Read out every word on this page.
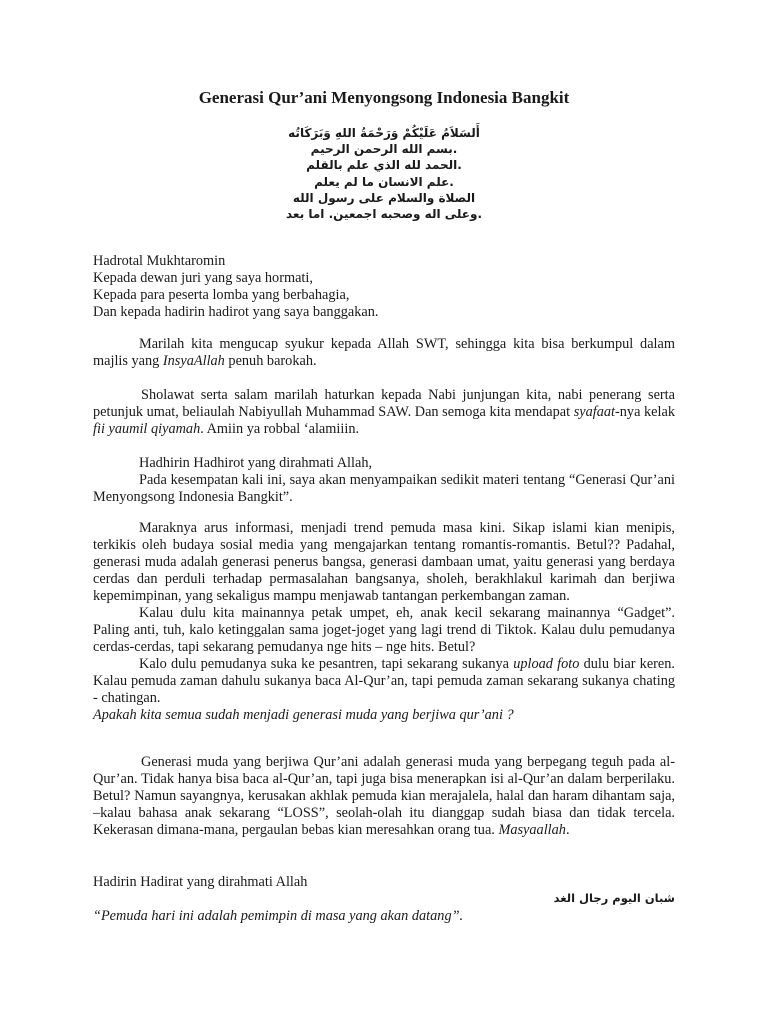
Generasi Qur’ani Menyongsong Indonesia Bangkit
أَلسَلاَمُ عَلَيْكُمْ وَرَحْمَةُ اللهِ وَبَرَكَاتُه
.بسم الله الرحمن الرحيم
.الحمد لله الذي علم بالقلم
.علم الانسان ما لم يعلم
الصلاة والسلام على رسول الله
.وعلى اله وصحبه اجمعين. اما بعد

Hadrotal Mukhtaromin

Kepada dewan juri yang saya hormati,

Kepada para peserta lomba yang berbahagia,

Dan kepada hadirin hadirot yang saya banggakan.

Marilah kita mengucap syukur kepada Allah SWT, sehingga kita bisa berkumpul dalam majlis yang InsyaAllah penuh barokah.

Sholawat serta salam marilah haturkan kepada Nabi junjungan kita, nabi penerang serta petunjuk umat, beliaulah Nabiyullah Muhammad SAW. Dan semoga kita mendapat syafaat-nya kelak fii yaumil qiyamah. Amiin ya robbal ‘alamiiin.

Hadhirin Hadhirot yang dirahmati Allah,

Pada kesempatan kali ini, saya akan menyampaikan sedikit materi tentang “Generasi Qur’ani Menyongsong Indonesia Bangkit”.

Maraknya arus informasi, menjadi trend pemuda masa kini. Sikap islami kian menipis, terkikis oleh budaya sosial media yang mengajarkan tentang romantis-romantis. Betul?? Padahal, generasi muda adalah generasi penerus bangsa, generasi dambaan umat, yaitu generasi yang berdaya cerdas dan perduli terhadap permasalahan bangsanya, sholeh, berakhlakul karimah dan berjiwa kepemimpinan, yang sekaligus mampu menjawab tantangan perkembangan zaman.

Kalau dulu kita mainannya petak umpet, eh, anak kecil sekarang mainannya “Gadget”. Paling anti, tuh, kalo ketinggalan sama joget-joget yang lagi trend di Tiktok. Kalau dulu pemudanya cerdas-cerdas, tapi sekarang pemudanya nge hits – nge hits. Betul?

Kalo dulu pemudanya suka ke pesantren, tapi sekarang sukanya upload foto dulu biar keren. Kalau pemuda zaman dahulu sukanya baca Al-Qur’an, tapi pemuda zaman sekarang sukanya chating - chatingan.

Apakah kita semua sudah menjadi generasi muda yang berjiwa qur’ani ?

Generasi muda yang berjiwa Qur’ani adalah generasi muda yang berpegang teguh pada al-Qur’an. Tidak hanya bisa baca al-Qur’an, tapi juga bisa menerapkan isi al-Qur’an dalam berperilaku. Betul? Namun sayangnya, kerusakan akhlak pemuda kian merajalela, halal dan haram dihantam saja, –kalau bahasa anak sekarang “LOSS”, seolah-olah itu dianggap sudah biasa dan tidak tercela. Kekerasan dimana-mana, pergaulan bebas kian meresahkan orang tua. Masyaallah.

Hadirin Hadirat yang dirahmati Allah

شبان اليوم رجال الغد

“Pemuda hari ini adalah pemimpin di masa yang akan datang”.
